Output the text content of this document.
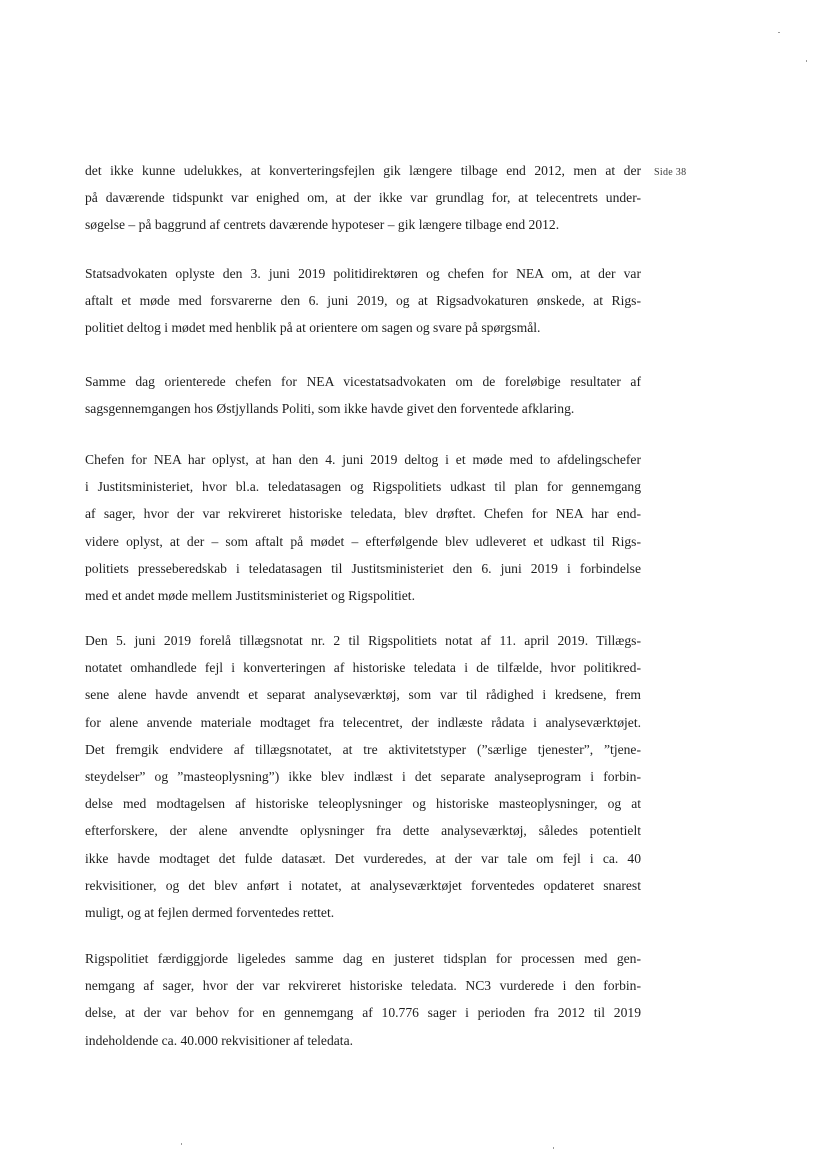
Side 38
det ikke kunne udelukkes, at konverteringsfejlen gik længere tilbage end 2012, men at der
på daværende tidspunkt var enighed om, at der ikke var grundlag for, at telecentrets under-
søgelse – på baggrund af centrets daværende hypoteser – gik længere tilbage end 2012.
Statsadvokaten oplyste den 3. juni 2019 politidirektøren og chefen for NEA om, at der var
aftalt et møde med forsvarerne den 6. juni 2019, og at Rigsadvokaturen ønskede, at Rigs-
politiet deltog i mødet med henblik på at orientere om sagen og svare på spørgsmål.
Samme dag orienterede chefen for NEA vicestatsadvokaten om de foreløbige resultater af
sagsgennemgangen hos Østjyllands Politi, som ikke havde givet den forventede afklaring.
Chefen for NEA har oplyst, at han den 4. juni 2019 deltog i et møde med to afdelingschefer
i Justitsministeriet, hvor bl.a. teledatasagen og Rigspolitiets udkast til plan for gennemgang
af sager, hvor der var rekvireret historiske teledata, blev drøftet. Chefen for NEA har end-
videre oplyst, at der – som aftalt på mødet – efterfølgende blev udleveret et udkast til Rigs-
politiets presseberedskab i teledatasagen til Justitsministeriet den 6. juni 2019 i forbindelse
med et andet møde mellem Justitsministeriet og Rigspolitiet.
Den 5. juni 2019 forelå tillægsnotat nr. 2 til Rigspolitiets notat af 11. april 2019. Tillægs-
notatet omhandlede fejl i konverteringen af historiske teledata i de tilfælde, hvor politikred-
sene alene havde anvendt et separat analyseværktøj, som var til rådighed i kredsene, frem
for alene anvende materiale modtaget fra telecentret, der indlæste rådata i analyseværktøjet.
Det fremgik endvidere af tillægsnotatet, at tre aktivitetstyper (”særlige tjenester”, ”tjene-
steydelser” og ”masteoplysning”) ikke blev indlæst i det separate analyseprogram i forbin-
delse med modtagelsen af historiske teleoplysninger og historiske masteoplysninger, og at
efterforskere, der alene anvendte oplysninger fra dette analyseværktøj, således potentielt
ikke havde modtaget det fulde datasæt. Det vurderedes, at der var tale om fejl i ca. 40
rekvisitioner, og det blev anført i notatet, at analyseværktøjet forventedes opdateret snarest
muligt, og at fejlen dermed forventedes rettet.
Rigspolitiet færdiggjorde ligeledes samme dag en justeret tidsplan for processen med gen-
nemgang af sager, hvor der var rekvireret historiske teledata. NC3 vurderede i den forbin-
delse, at der var behov for en gennemgang af 10.776 sager i perioden fra 2012 til 2019
indeholdende ca. 40.000 rekvisitioner af teledata.
